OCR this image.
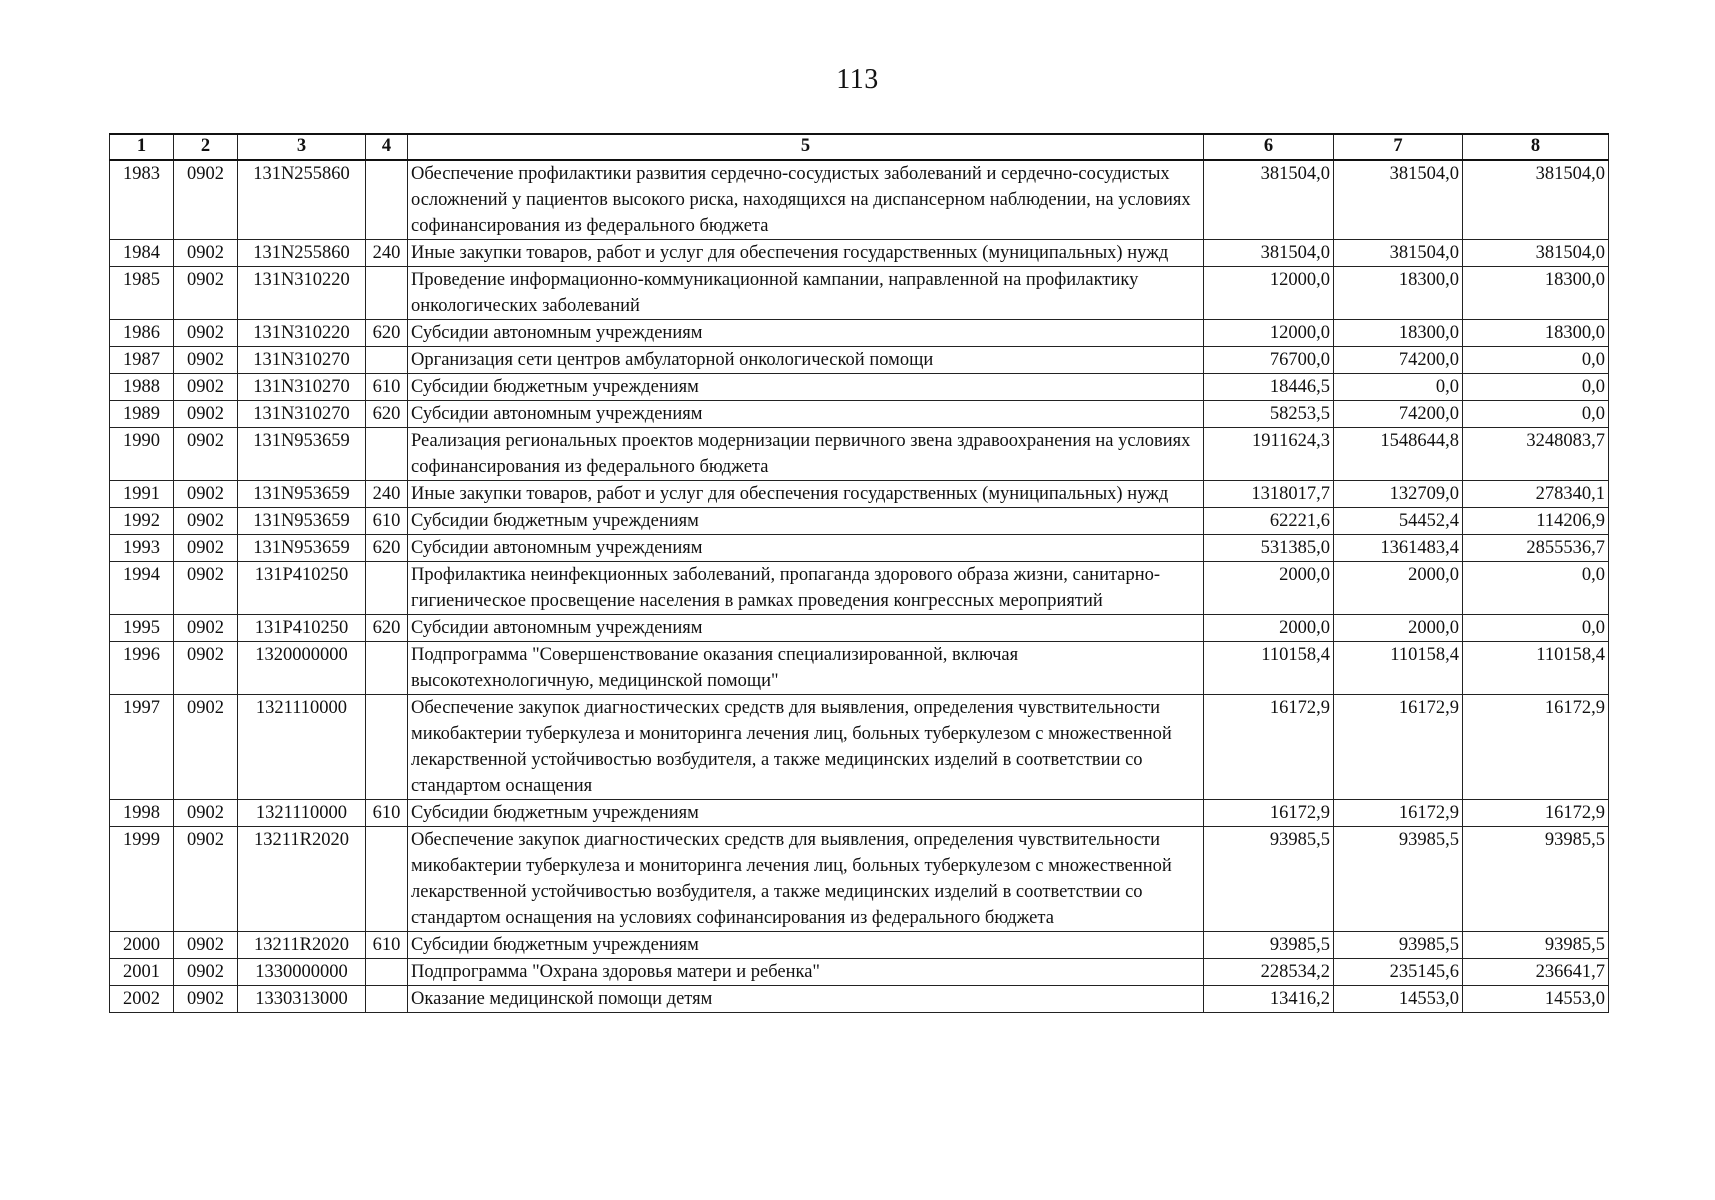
113
1	2	3	4	5	6	7	8
1983	0902	131N255860		Обеспечение профилактики развития сердечно-сосудистых заболеваний и сердечно-сосудистых осложнений у пациентов высокого риска, находящихся на диспансерном наблюдении, на условиях софинансирования из федерального бюджета	381504,0	381504,0	381504,0
1984	0902	131N255860	240	Иные закупки товаров, работ и услуг для обеспечения государственных (муниципальных) нужд	381504,0	381504,0	381504,0
1985	0902	131N310220		Проведение информационно-коммуникационной кампании, направленной на профилактику онкологических заболеваний	12000,0	18300,0	18300,0
1986	0902	131N310220	620	Субсидии автономным учреждениям	12000,0	18300,0	18300,0
1987	0902	131N310270		Организация сети центров амбулаторной онкологической помощи	76700,0	74200,0	0,0
1988	0902	131N310270	610	Субсидии бюджетным учреждениям	18446,5	0,0	0,0
1989	0902	131N310270	620	Субсидии автономным учреждениям	58253,5	74200,0	0,0
1990	0902	131N953659		Реализация региональных проектов модернизации первичного звена здравоохранения на условиях софинансирования из федерального бюджета	1911624,3	1548644,8	3248083,7
1991	0902	131N953659	240	Иные закупки товаров, работ и услуг для обеспечения государственных (муниципальных) нужд	1318017,7	132709,0	278340,1
1992	0902	131N953659	610	Субсидии бюджетным учреждениям	62221,6	54452,4	114206,9
1993	0902	131N953659	620	Субсидии автономным учреждениям	531385,0	1361483,4	2855536,7
1994	0902	131P410250		Профилактика неинфекционных заболеваний, пропаганда здорового образа жизни, санитарно-гигиеническое просвещение населения в рамках проведения конгрессных мероприятий	2000,0	2000,0	0,0
1995	0902	131P410250	620	Субсидии автономным учреждениям	2000,0	2000,0	0,0
1996	0902	1320000000		Подпрограмма "Совершенствование оказания специализированной, включая высокотехнологичную, медицинской помощи"	110158,4	110158,4	110158,4
1997	0902	1321110000		Обеспечение закупок диагностических средств для выявления, определения чувствительности микобактерии туберкулеза и мониторинга лечения лиц, больных туберкулезом с множественной лекарственной устойчивостью возбудителя, а также медицинских изделий в соответствии со стандартом оснащения	16172,9	16172,9	16172,9
1998	0902	1321110000	610	Субсидии бюджетным учреждениям	16172,9	16172,9	16172,9
1999	0902	13211R2020		Обеспечение закупок диагностических средств для выявления, определения чувствительности микобактерии туберкулеза и мониторинга лечения лиц, больных туберкулезом с множественной лекарственной устойчивостью возбудителя, а также медицинских изделий в соответствии со стандартом оснащения на условиях софинансирования из федерального бюджета	93985,5	93985,5	93985,5
2000	0902	13211R2020	610	Субсидии бюджетным учреждениям	93985,5	93985,5	93985,5
2001	0902	1330000000		Подпрограмма "Охрана здоровья матери и ребенка"	228534,2	235145,6	236641,7
2002	0902	1330313000		Оказание медицинской помощи детям	13416,2	14553,0	14553,0
